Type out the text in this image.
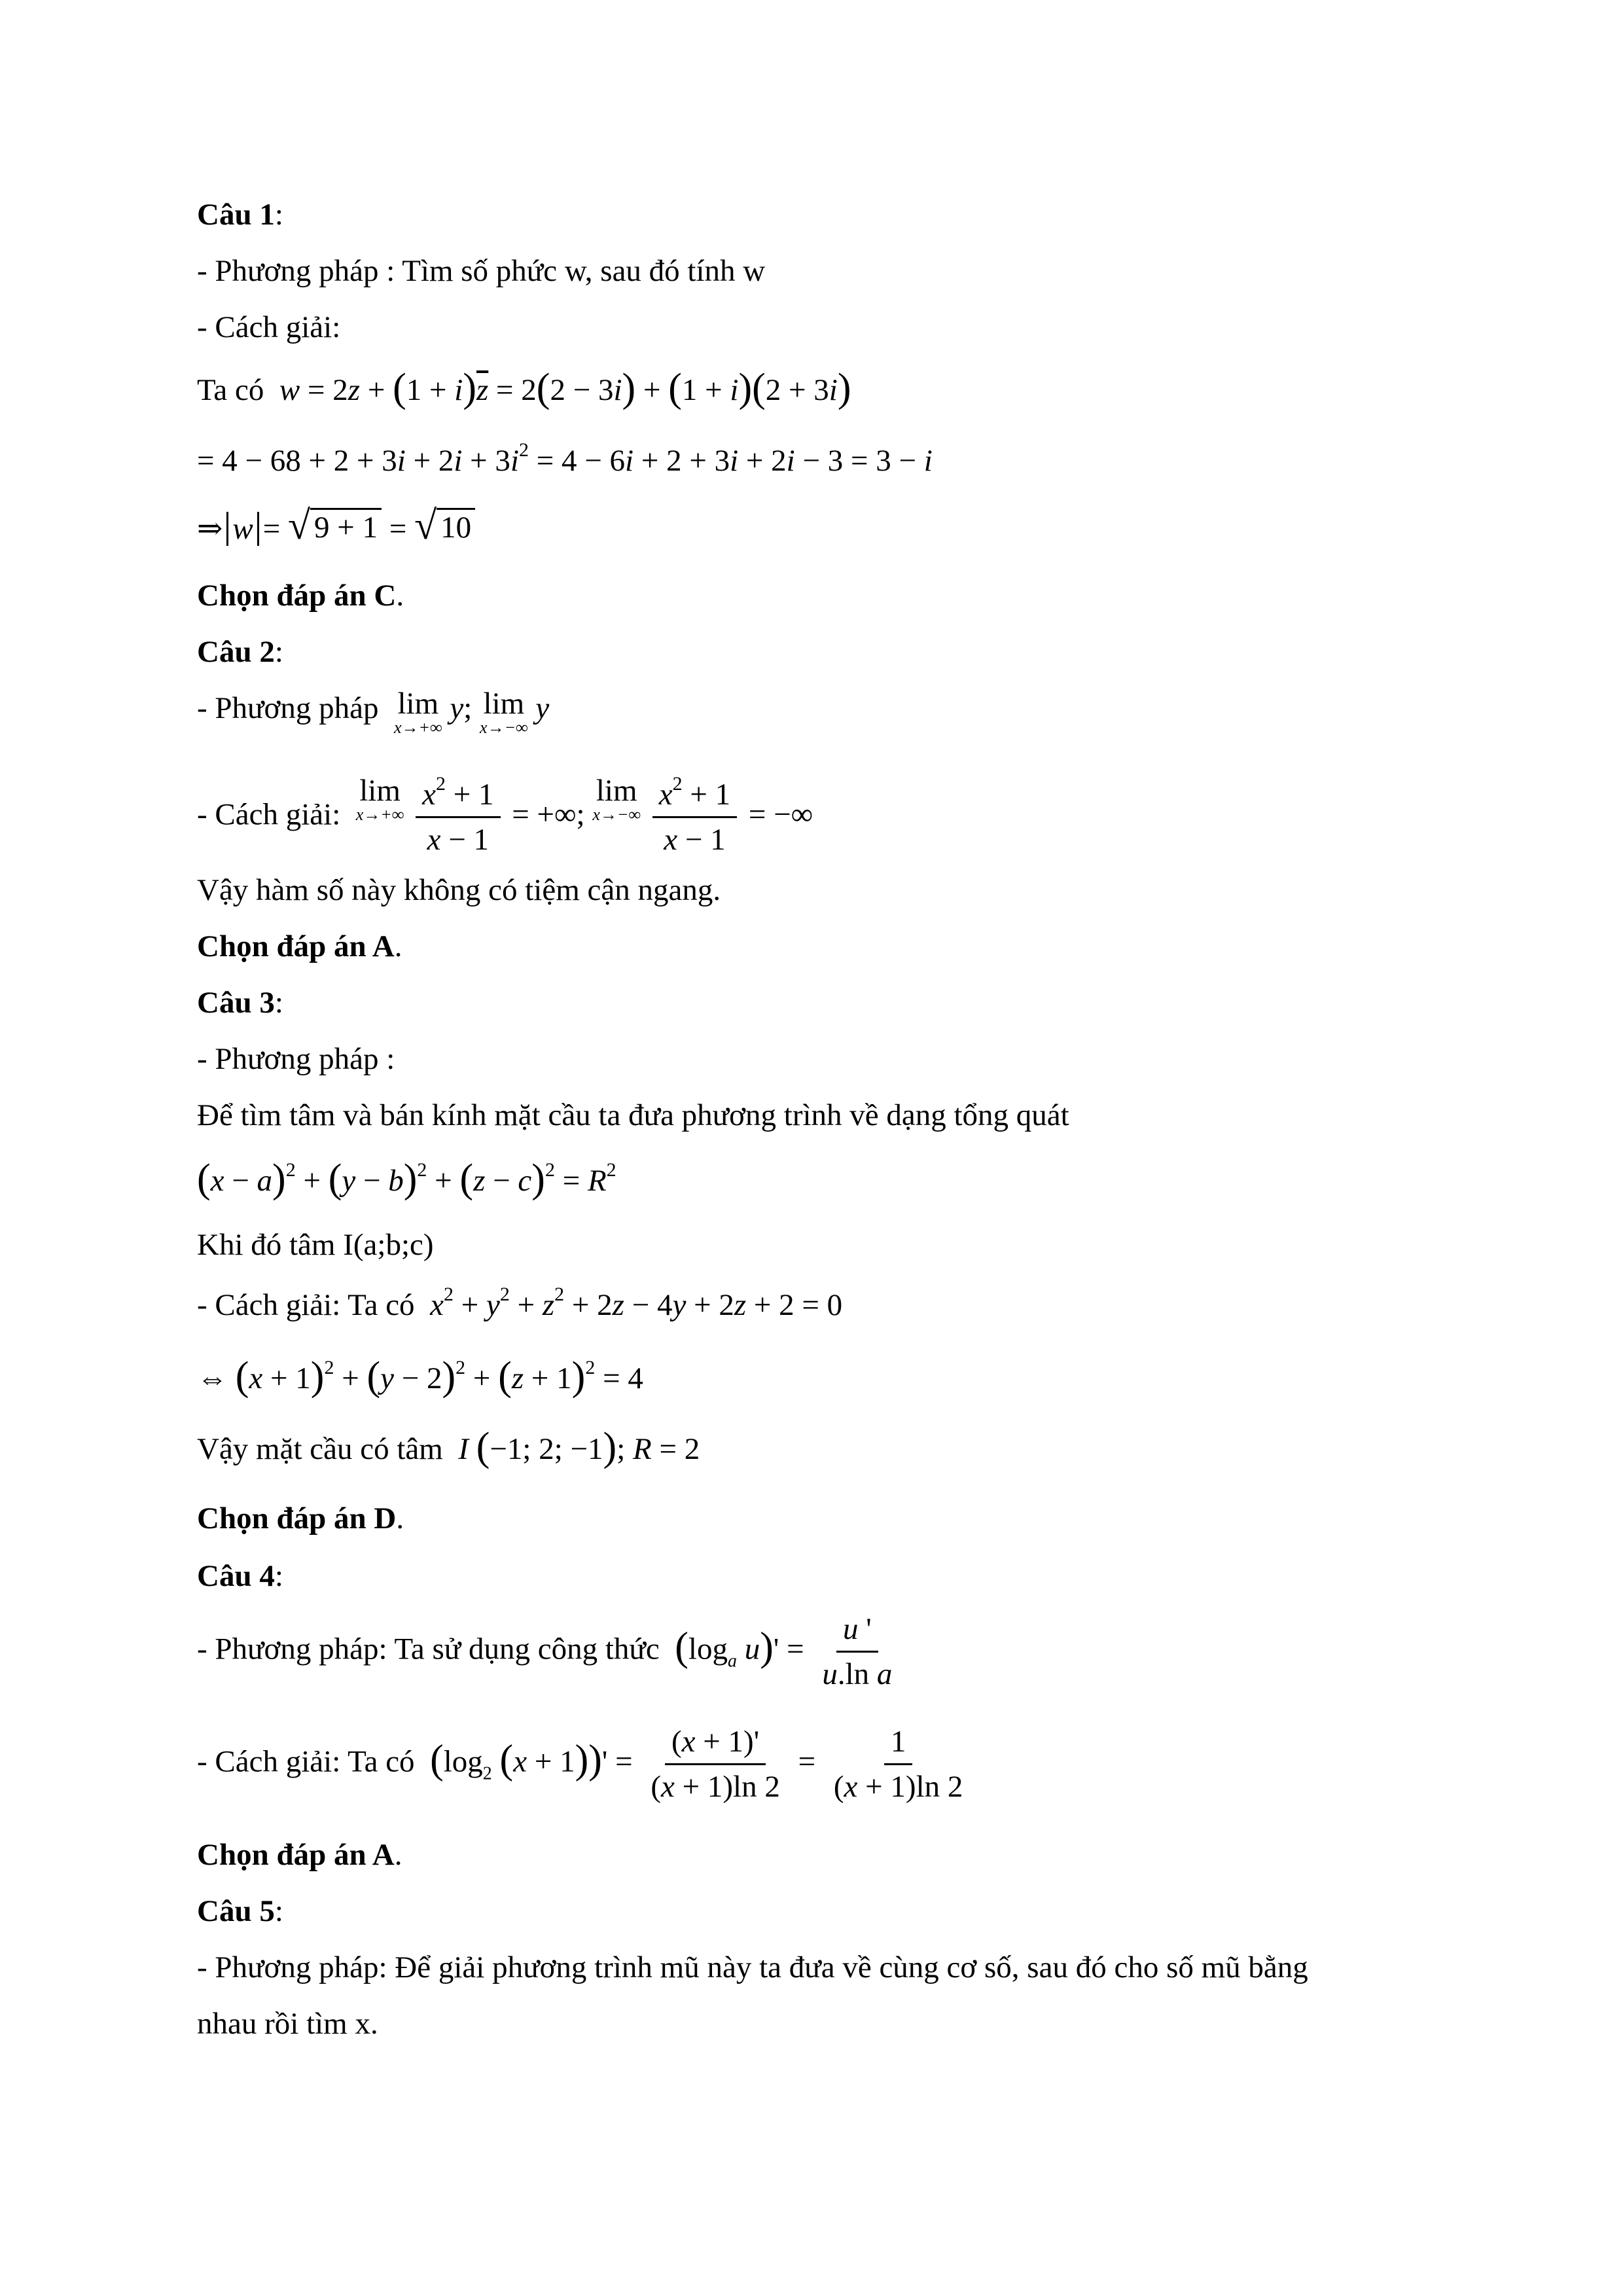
Câu 1:
- Phương pháp : Tìm số phức w, sau đó tính w
- Cách giải:
Ta có $w = 2z + (1 + i)\overline{z} = 2(2 - 3i) + (1 + i)(2 + 3i)$
= $4 - 68 + 2 + 3i + 2i + 3i^2 = 4 - 6i + 2 + 3i + 2i - 3 = 3 - i$
⇒ w = √ 9 + 1 = √ 10
Chọn đáp án C.
Câu 2:
- Phương pháp lim
x→+∞
y; lim
x→−∞
y
- Cách giải:
lim
x→+∞
$\frac{x^2 + 1}{x - 1}$ = +∞;
lim
x→−∞
$\frac{x^2 + 1}{x - 1}$ = −∞
Vậy hàm số này không có tiệm cận ngang.
Chọn đáp án A.
Câu 3:
- Phương pháp :
Để tìm tâm và bán kính mặt cầu ta đưa phương trình về dạng tổng quát
$(x - a)^2 + (y - b)^2 + (z - c)^2 = R^2$
Khi đó tâm I(a;b;c)
- Cách giải: Ta có $x^2 + y^2 + z^2 + 2z - 4y + 2z + 2 = 0$
⇔ $(x + 1)^2 + (y - 2)^2 + (z + 1)^2 = 4$
Vậy mặt cầu có tâm I (−1; 2; −1); R = 2
Chọn đáp án D.
Câu 4:
- Phương pháp: Ta sử dụng công thức ($\log_a$ $u)' = \frac{u '}{\text{u.ln a}}$
- Cách giải: Ta có ($\log_2$ $(x + 1))' = \frac{(x + 1)'}{(x + 1)\ln 2} = \frac{1}{(x + 1)\ln 2}$
Chọn đáp án A.
Câu 5:
- Phương pháp: Để giải phương trình mũ này ta đưa về cùng cơ số, sau đó cho số mũ bằng
nhau rồi tìm x.
